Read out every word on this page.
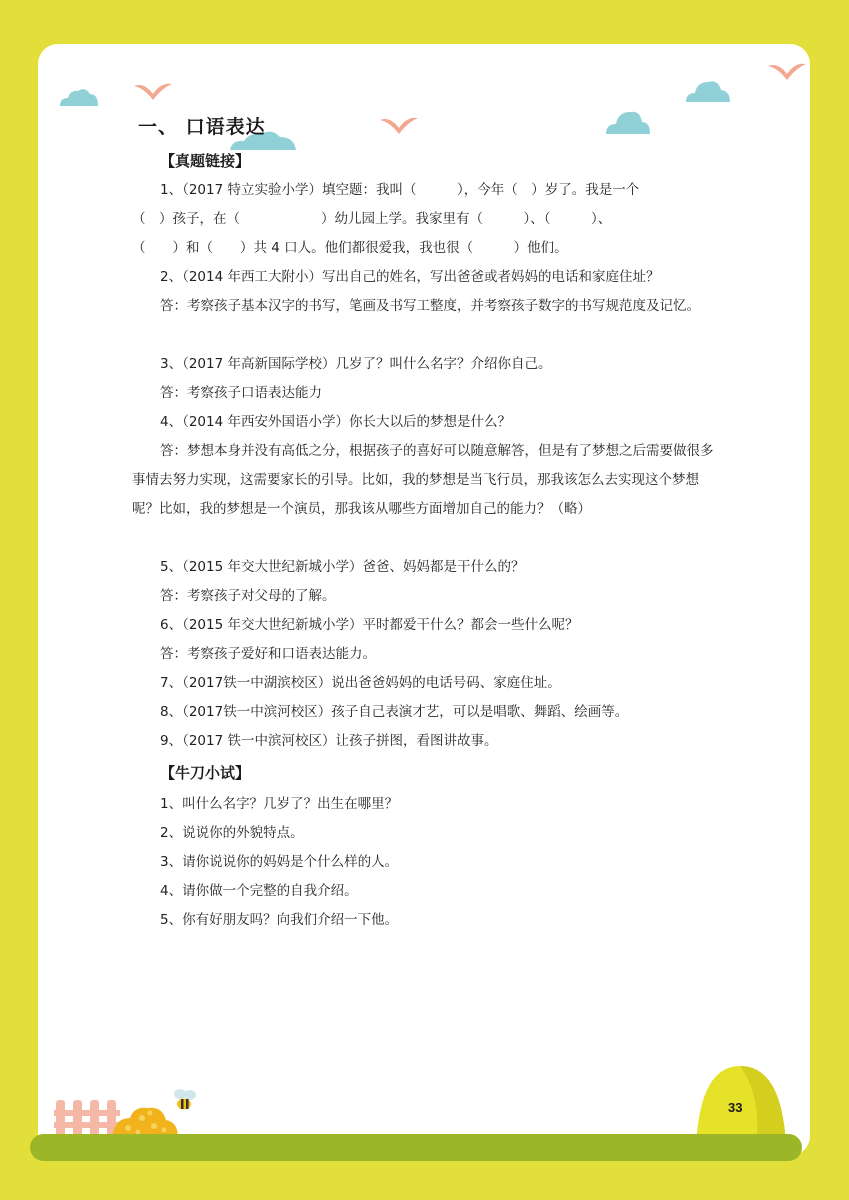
一、 口语表达
【真题链接】

1、（2017 特立实验小学）填空题：我叫（　　　），今年（　）岁了。我是一个

（　）孩子，在（　　　　　　）幼儿园上学。我家里有（　　　）、（　　　）、

（　　）和（　　）共 4 口人。他们都很爱我，我也很（　　　）他们。

2、（2014 年西工大附小）写出自己的姓名，写出爸爸或者妈妈的电话和家庭住址？

答：考察孩子基本汉字的书写，笔画及书写工整度，并考察孩子数字的书写规范度及记忆。

3、（2017 年高新国际学校）几岁了？叫什么名字？介绍你自己。

答：考察孩子口语表达能力

4、（2014 年西安外国语小学）你长大以后的梦想是什么？

答：梦想本身并没有高低之分，根据孩子的喜好可以随意解答，但是有了梦想之后需要做很多事情去努力实现，这需要家长的引导。比如，我的梦想是当飞行员，那我该怎么去实现这个梦想呢？比如，我的梦想是一个演员，那我该从哪些方面增加自己的能力？（略）

5、（2015 年交大世纪新城小学）爸爸、妈妈都是干什么的？

答：考察孩子对父母的了解。

6、（2015 年交大世纪新城小学）平时都爱干什么？都会一些什么呢？

答：考察孩子爱好和口语表达能力。

7、（2017铁一中湖滨校区）说出爸爸妈妈的电话号码、家庭住址。

8、（2017铁一中滨河校区）孩子自己表演才艺，可以是唱歌、舞蹈、绘画等。

9、（2017 铁一中滨河校区）让孩子拼图，看图讲故事。

【牛刀小试】

1、叫什么名字？几岁了？出生在哪里？

2、说说你的外貌特点。

3、请你说说你的妈妈是个什么样的人。

4、请你做一个完整的自我介绍。

5、你有好朋友吗？向我们介绍一下他。

33
